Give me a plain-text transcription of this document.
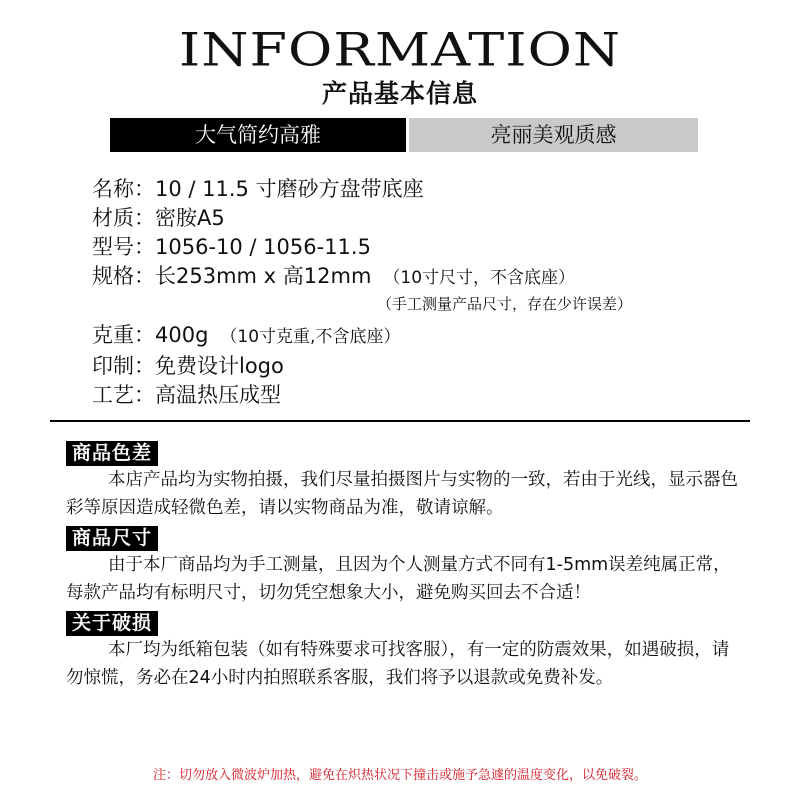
INFORMATION
产品基本信息
大气简约高雅	亮丽美观质感
名称：10 / 11.5 寸磨砂方盘带底座
材质：密胺A5
型号：1056-10 / 1056-11.5
规格：长253mm x 高12mm （10寸尺寸，不含底座）
（手工测量产品尺寸，存在少许误差）
克重：400g （10寸克重,不含底座）
印制：免费设计logo
工艺：高温热压成型
商品色差

本店产品均为实物拍摄，我们尽量拍摄图片与实物的一致，若由于光线，显示器色彩等原因造成轻微色差，请以实物商品为准，敬请谅解。

商品尺寸

由于本厂商品均为手工测量，且因为个人测量方式不同有1-5mm误差纯属正常，每款产品均有标明尺寸，切勿凭空想象大小，避免购买回去不合适！

关于破损

本厂均为纸箱包装（如有特殊要求可找客服），有一定的防震效果，如遇破损，请勿惊慌，务必在24小时内拍照联系客服，我们将予以退款或免费补发。

注：切勿放入微波炉加热，避免在炽热状况下撞击或施予急遽的温度变化，以免破裂。
